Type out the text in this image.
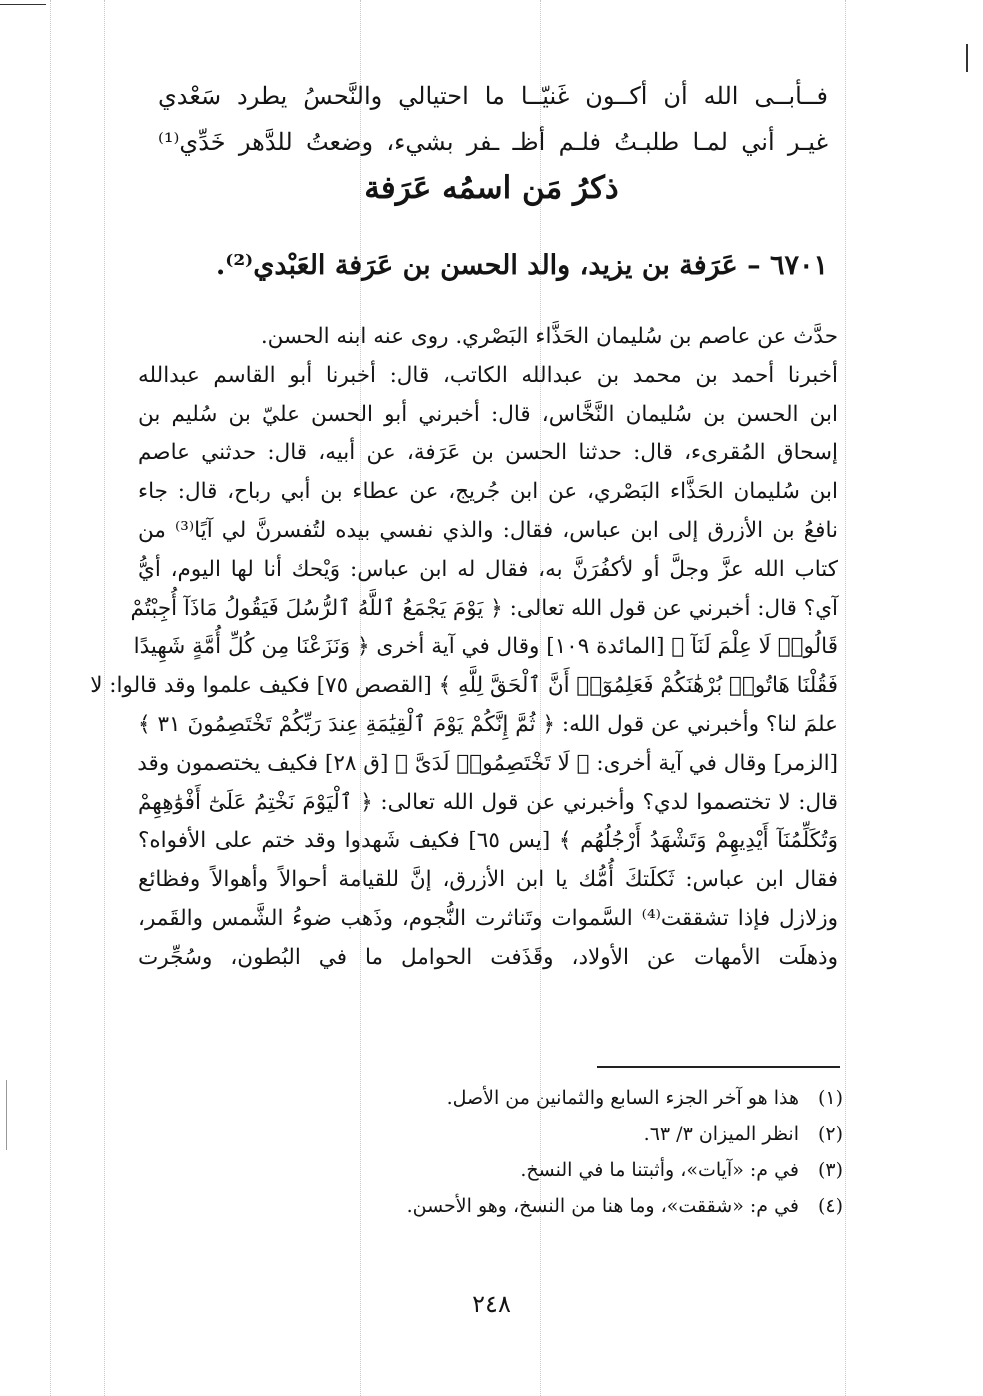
فــأبــى الله أن أكــون غَنيّــا ما احتيالي والنَّحسُ يطرد سَعْدي
غيـر أني لمـا طلبـتُ فلـم أظـ ـفر بشيء، وضعتُ للدَّهر خَدِّي⁽¹⁾
ذكرُ مَن اسمُه عَرَفة
٦٧٠١ – عَرَفة بن يزيد، والد الحسن بن عَرَفة العَبْدي⁽²⁾.
حدَّث عن عاصم بن سُليمان الحَذَّاء البَصْري. روى عنه ابنه الحسن.
أخبرنا أحمد بن محمد بن عبدالله الكاتب، قال: أخبرنا أبو القاسم عبدالله
ابن الحسن بن سُليمان النَّخَّاس، قال: أخبرني أبو الحسن عليّ بن سُليم بن
إسحاق المُقرىء، قال: حدثنا الحسن بن عَرَفة، عن أبيه، قال: حدثني عاصم
ابن سُليمان الحَذَّاء البَصْري، عن ابن جُريج، عن عطاء بن أبي رباح، قال: جاء
نافعُ بن الأزرق إلى ابن عباس، فقال: والذي نفسي بيده لتُفسرنَّ لي آيًا⁽³⁾ من
كتاب الله عزَّ وجلَّ أو لأكفُرَنَّ به، فقال له ابن عباس: وَيْحك أنا لها اليوم، أيُّ
آي؟ قال: أخبرني عن قول الله تعالى: ﴿ يَوْمَ يَجْمَعُ ٱللَّهُ ٱلرُّسُلَ فَيَقُولُ مَاذَآ أُجِبْتُمْ
قَالُوا۟ لَا عِلْمَ لَنَآ ﴾ [المائدة ١٠٩] وقال في آية أخرى ﴿ وَنَزَعْنَا مِن كُلِّ أُمَّةٍ شَهِيدًا
فَقُلْنَا هَاتُوا۟ بُرْهَٰنَكُمْ فَعَلِمُوٓا۟ أَنَّ ٱلْحَقَّ لِلَّهِ ﴾ [القصص ٧٥] فكيف علموا وقد قالوا: لا
علمَ لنا؟ وأخبرني عن قول الله: ﴿ ثُمَّ إِنَّكُمْ يَوْمَ ٱلْقِيَٰمَةِ عِندَ رَبِّكُمْ تَخْتَصِمُونَ ٣١ ﴾
[الزمر] وقال في آية أخرى: ﴿ لَا تَخْتَصِمُوا۟ لَدَىَّ ﴾ [ق ٢٨] فكيف يختصمون وقد
قال: لا تختصموا لدي؟ وأخبرني عن قول الله تعالى: ﴿ ٱلْيَوْمَ نَخْتِمُ عَلَىٰٓ أَفْوَٰهِهِمْ
وَتُكَلِّمُنَآ أَيْدِيهِمْ وَتَشْهَدُ أَرْجُلُهُم ﴾ [يس ٦٥] فكيف شَهدوا وقد ختم على الأفواه؟
فقال ابن عباس: ثَكلَتكَ أُمُّك يا ابن الأزرق، إنَّ للقيامة أحوالاً وأهوالاً وفظائع
وزلازل فإذا تشققت⁽⁴⁾ السَّموات وتَناثرت النُّجوم، وذَهب ضوءُ الشَّمس والقَمر،
وذهلَت الأمهات عن الأولاد، وقَذَفت الحوامل ما في البُطون، وسُجِّرت
(١)هذا هو آخر الجزء السابع والثمانين من الأصل.
(٢)انظر الميزان ٣/ ٦٣.
(٣)في م: «آيات»، وأثبتنا ما في النسخ.
(٤)في م: «شققت»، وما هنا من النسخ، وهو الأحسن.
٢٤٨
